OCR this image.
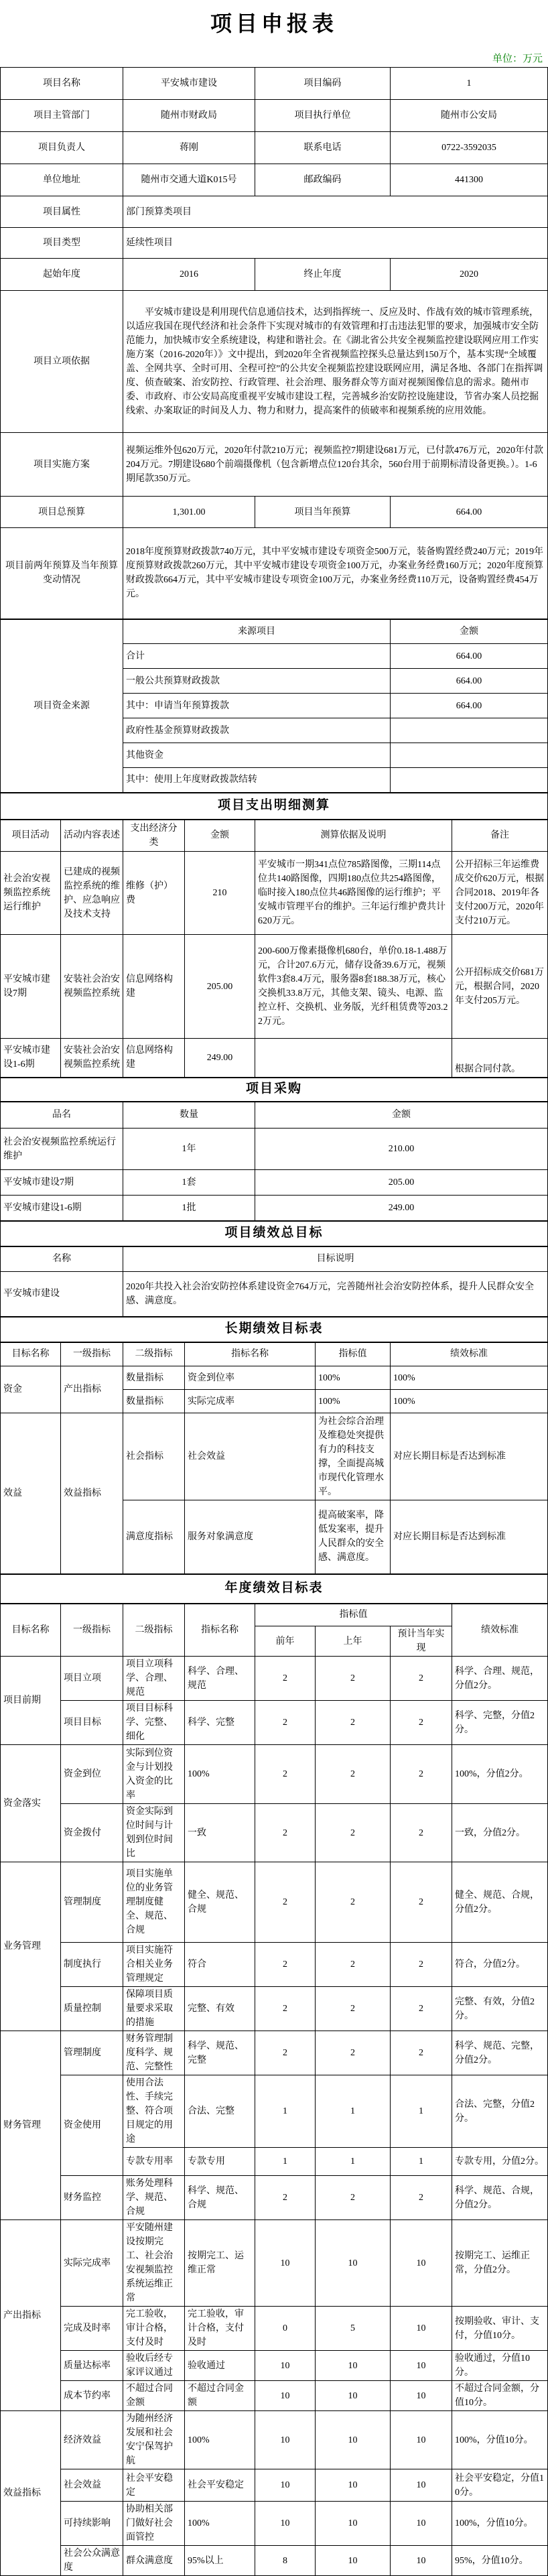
项目申报表
单位：万元
项目名称		平安城市建设		项目编码		1	
项目主管部门		随州市财政局		项目执行单位		随州市公安局	
项目负责人		蒋刚		联系电话		0722-3592035	
单位地址		随州市交通大道K015号		邮政编码		441300	
项目属性		部门预算类项目					
项目类型		延续性项目					
起始年度		2016		终止年度		2020	
项目立项依据		平安城市建设是利用现代信息通信技术，达到指挥统一、反应及时、作战有效的城市管理系统，以适应我国在现代经济和社会条件下实现对城市的有效管理和打击违法犯罪的要求，加强城市安全防范能力，加快城市安全系统建设，构建和谐社会。在《湖北省公共安全视频监控建设联网应用工作实施方案（2016-2020年）》文中提出，到2020年全省视频监控探头总量达到150万个，基本实现“全域覆盖、全网共享、全时可用、全程可控”的公共安全视频监控建设联网应用，满足各地、各部门在指挥调度、侦查破案、治安防控、行政管理、社会治理、服务群众等方面对视频图像信息的需求。随州市委、市政府、市公安局高度重视平安城市建设工程，完善城乡治安防控设施建设，节省办案人员挖掘线索、办案取证的时间及人力、物力和财力，提高案件的侦破率和视频系统的应用效能。					
项目实施方案		视频运维外包620万元，2020年付款210万元；视频监控7期建设681万元，已付款476万元，2020年付款204万元。7期建设680个前端摄像机（包含新增点位120台其余，560台用于前期标清设备更换。）。1-6期尾款350万元。					
项目总预算		1,301.00		项目当年预算		664.00	
项目前两年预算及当年预算变动情况		2018年度预算财政拨款740万元，其中平安城市建设专项资金500万元，装备购置经费240万元；2019年度预算财政拨款260万元，其中平安城市建设专项资金100万元，办案业务经费160万元；2020年度预算财政拨款664万元，其中平安城市建设专项资金100万元，办案业务经费110万元，设备购置经费454万元。					
项目资金来源		来源项目				金额	
		合计				664.00	
		一般公共预算财政拨款				664.00	
		其中：申请当年预算拨款				664.00	
		政府性基金预算财政拨款					
		其他资金					
		其中：使用上年度财政拨款结转					
项目支出明细测算							
项目活动	活动内容表述	支出经济分类	金额	测算依据及说明			备注
社会治安视频监控系统运行维护	已建成的视频监控系统的维护、应急响应及技术支持	维修（护）费	210	平安城市一期341点位785路图像，三期114点位共140路图像，四期180点位共254路图像，临时接入180点位共46路图像的运行维护；平安城市管理平台的维护。三年运行维护费共计620万元。			公开招标三年运维费成交价620万元，根据合同2018、2019年各支付200万元，2020年支付210万元。
平安城市建设7期	安装社会治安视频监控系统	信息网络构建	205.00	200-600万像素摄像机680台，单价0.18-1.488万元，合计207.6万元，储存设备39.6万元，视频软件3套8.4万元，服务器8套188.38万元，核心交换机33.8万元，其他支架、镜头、电源、监控立杆、交换机、业务版，光纤租赁费等203.22万元。			公开招标成交价681万元，根据合同，2020年支付205万元。
平安城市建设1-6期	安装社会治安视频监控系统	信息网络构建	249.00				根据合同付款。
项目采购							
品名		数量		金额			
社会治安视频监控系统运行维护		1年		210.00			
平安城市建设7期		1套		205.00			
平安城市建设1-6期		1批		249.00			
项目绩效总目标							
名称		目标说明					
平安城市建设		2020年共投入社会治安防控体系建设资金764万元，完善随州社会治安防控体系，提升人民群众安全感、满意度。					
长期绩效目标表							
目标名称	一级指标	二级指标	指标名称		指标值	绩效标准	
资金	产出指标	数量指标	资金到位率		100%	100%	
		数量指标	实际完成率		100%	100%	
效益	效益指标	社会指标	社会效益		为社会综合治理及维稳处突提供有力的科技支撑，全面提高城市现代化管理水平。	对应长期目标是否达到标准	
		满意度指标	服务对象满意度		提高破案率，降低发案率，提升人民群众的安全感、满意度。	对应长期目标是否达到标准	
年度绩效目标表							
目标名称	一级指标	二级指标	指标名称	指标值			绩效标准
				前年	上年	预计当年实现	
项目前期	项目立项	项目立项科学、合理、规范	科学、合理、规范	2	2	2	科学、合理、规范，分值2分。
	项目目标	项目目标科学、完整、细化	科学、完整	2	2	2	科学、完整，分值2分。
资金落实	资金到位	实际到位资金与计划投入资金的比率	100%	2	2	2	100%，分值2分。
	资金拨付	资金实际到位时间与计划到位时间比	一致	2	2	2	一致，分值2分。
业务管理	管理制度	项目实施单位的业务管理制度健全、规范、合规	健全、规范、合规	2	2	2	健全、规范、合规，分值2分。
	制度执行	项目实施符合相关业务管理规定	符合	2	2	2	符合，分值2分。
	质量控制	保障项目质量要求采取的措施	完整、有效	2	2	2	完整、有效，分值2分。
财务管理	管理制度	财务管理制度科学、规范、完整性	科学、规范、完整	2	2	2	科学、规范、完整，分值2分。
	资金使用	使用合法性、手续完整、符合项目规定的用途	合法、完整	1	1	1	合法、完整，分值2分。
		专款专用率	专款专用	1	1	1	专款专用，分值2分。
	财务监控	账务处理科学、规范、合规	科学、规范、合规	2	2	2	科学、规范、合规，分值2分。
产出指标	实际完成率	平安随州建设按期完工、社会治安视频监控系统运维正常	按期完工、运维正常	10	10	10	按期完工、运维正常，分值2分。
	完成及时率	完工验收，审计合格，支付及时	完工验收，审计合格，支付及时	0	5	10	按期验收、审计、支付，分值10分。
	质量达标率	验收后经专家评议通过	验收通过	10	10	10	验收通过，分值10分。
	成本节约率	不超过合同金额	不超过合同金额	10	10	10	不超过合同金额，分值10分。
效益指标	经济效益	为随州经济发展和社会安宁保驾护航	100%	10	10	10	100%，分值10分。
	社会效益	社会平安稳定	社会平安稳定	10	10	10	社会平安稳定，分值10分。
	可持续影响	协助相关部门做好社会面管控	100%	10	10	10	100%，分值10分。
	社会公众满意度	群众满意度	95%以上	8	10	10	95%，分值10分。
